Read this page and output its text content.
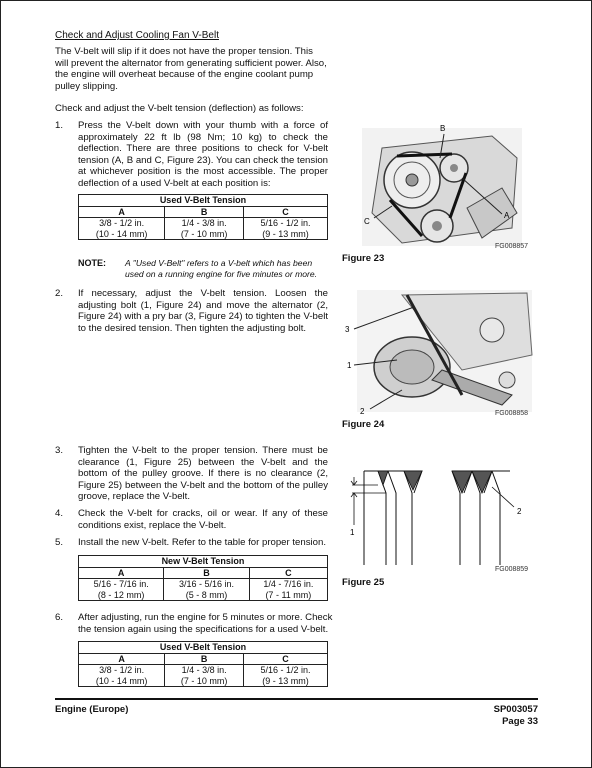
Check and Adjust Cooling Fan V-Belt
The V-belt will slip if it does not have the proper tension. This will prevent the alternator from generating sufficient power. Also, the engine will overheat because of the engine coolant pump pulley slipping.
Check and adjust the V-belt tension (deflection) as follows:
1.	Press the V-belt down with your thumb with a force of approximately 22 ft lb (98 Nm; 10 kg) to check the deflection. There are three positions to check for V-belt tension (A, B and C, Figure 23). You can check the tension at whichever position is the most accessible. The proper deflection of a used V-belt at each position is:
Used V-Belt Tension		
A	B	C
3/8 - 1/2 in.	1/4 - 3/8 in.	5/16 - 1/2 in.
(10 - 14 mm)	(7 - 10 mm)	(9 - 13 mm)
NOTE: A "Used V-Belt" refers to a V-belt which has been used on a running engine for five minutes or more.
2.	If necessary, adjust the V-belt tension. Loosen the adjusting bolt (1, Figure 24) and move the alternator (2, Figure 24) with a pry bar (3, Figure 24) to tighten the V-belt to the desired tension. Then tighten the adjusting bolt.
3.	Tighten the V-belt to the proper tension. There must be clearance (1, Figure 25) between the V-belt and the bottom of the pulley groove. If there is no clearance (2, Figure 25) between the V-belt and the bottom of the pulley groove, replace the V-belt.
4.	Check the V-belt for cracks, oil or wear. If any of these conditions exist, replace the V-belt.
5.	Install the new V-belt. Refer to the table for proper tension.
New V-Belt Tension		
A	B	C
5/16 - 7/16 in.	3/16 - 5/16 in.	1/4 - 7/16 in.
(8 - 12 mm)	(5 - 8 mm)	(7 - 11 mm)
6.	After adjusting, run the engine for 5 minutes or more. Check the tension again using the specifications for a used V-belt.
Used V-Belt Tension		
A	B	C
3/8 - 1/2 in.	1/4 - 3/8 in.	5/16 - 1/2 in.
(10 - 14 mm)	(7 - 10 mm)	(9 - 13 mm)
B
C
A
FG008857
Figure 23
3
1
2	FG008858
Figure 24
2
1
FG008859
Figure 25
Engine (Europe)	SP003057
Page 33
